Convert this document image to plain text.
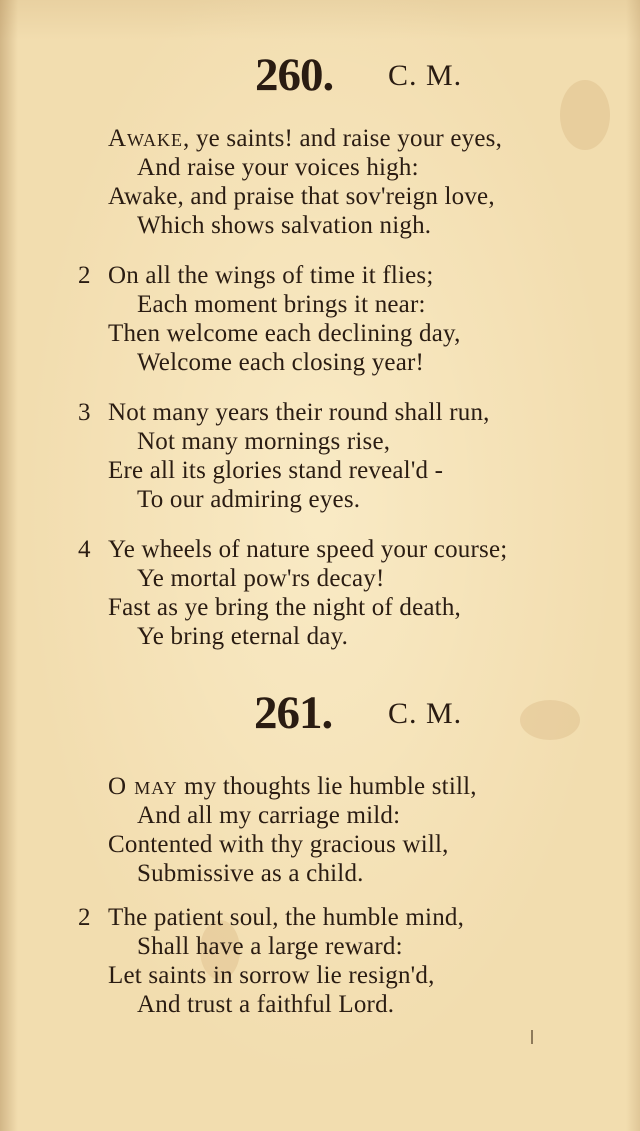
260. C. M.
Awake, ye saints! and raise your eyes,
And raise your voices high:
Awake, and praise that sov'reign love,
Which shows salvation nigh.
2 On all the wings of time it flies;
Each moment brings it near:
Then welcome each declining day,
Welcome each closing year!
3 Not many years their round shall run,
Not many mornings rise,
Ere all its glories stand reveal'd -
To our admiring eyes.
4 Ye wheels of nature speed your course;
Ye mortal pow'rs decay!
Fast as ye bring the night of death,
Ye bring eternal day.
261. C. M.
O may my thoughts lie humble still,
And all my carriage mild:
Contented with thy gracious will,
Submissive as a child.
2 The patient soul, the humble mind,
Shall have a large reward:
Let saints in sorrow lie resign'd,
And trust a faithful Lord.
